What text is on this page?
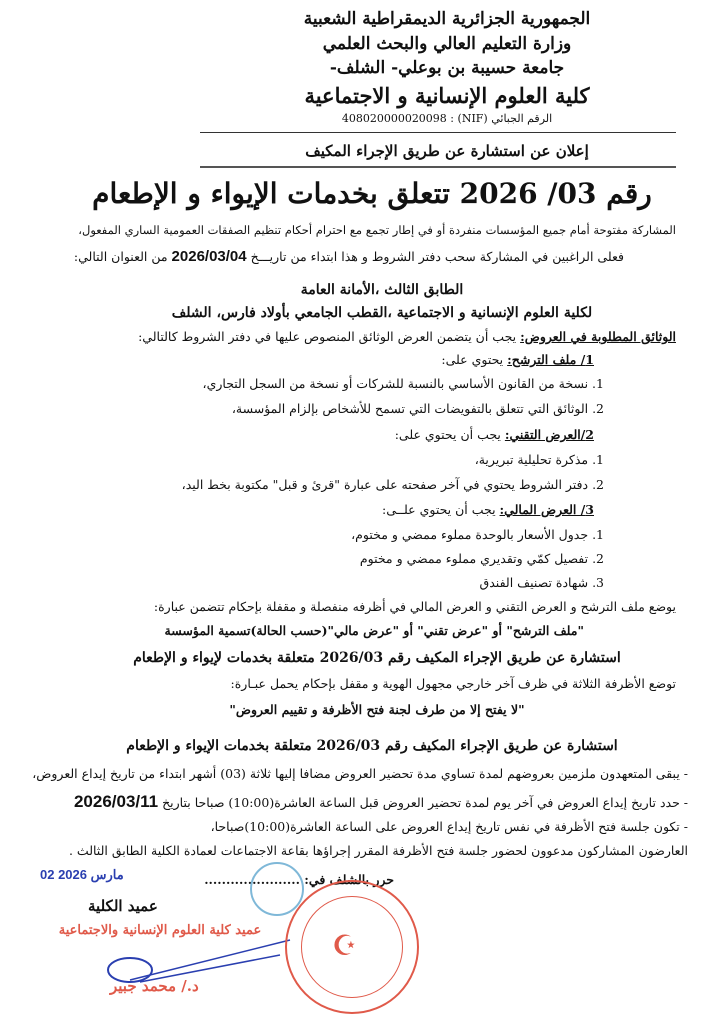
الجمهورية الجزائرية الديمقراطية الشعبية
وزارة التعليم العالي والبحث العلمي
جامعة حسيبة بن بوعلي- الشلف-
كلية العلوم الإنسانية و الاجتماعية
الرقم الجبائي (NIF) : 408020000020098
إعلان عن استشارة عن طريق الإجراء المكيف
رقم 03/ 2026 تتعلق بخدمات الإيواء و الإطعام
المشاركة مفتوحة أمام جميع المؤسسات منفردة أو في إطار تجمع مع احترام أحكام تنظيم الصفقات العمومية الساري المفعول،
فعلى الراغبين في المشاركة سحب دفتر الشروط و هذا ابتداء من تاريـــخ 2026/03/04 من العنوان التالي:
الطابق الثالث ،الأمانة العامة
لكلية العلوم الإنسانية و الاجتماعية ،القطب الجامعي بأولاد فارس، الشلف
الوثائق المطلوبة في العروض: يجب أن يتضمن العرض الوثائق المنصوص عليها في دفتر الشروط كالتالي:
1/ ملف الترشح: يحتوي على:
1. نسخة من القانون الأساسي بالنسبة للشركات أو نسخة من السجل التجاري،
2. الوثائق التي تتعلق بالتفويضات التي تسمح للأشخاص بإلزام المؤسسة،
2/العرض التقني: يجب أن يحتوي على:
1. مذكرة تحليلية تبريرية،
2. دفتر الشروط يحتوي في آخر صفحته على عبارة "قرئ و قبل" مكتوبة بخط اليد،
3/ العرض المالي: يجب أن يحتوي علــى:
1. جدول الأسعار بالوحدة مملوء ممضي و مختوم،
2. تفصيل كمّي وتقديري مملوء ممضي و مختوم
3. شهادة تصنيف الفندق
يوضع ملف الترشح و العرض التقني و العرض المالي في أظرفه منفصلة و مقفلة بإحكام تتضمن عبارة:
"ملف الترشح" أو "عرض تقني" أو "عرض مالي"(حسب الحالة)تسمية المؤسسة
استشارة عن طريق الإجراء المكيف رقم 2026/03 متعلقة بخدمات لإيواء و الإطعام
توضع الأظرفة الثلاثة في ظرف آخر خارجي مجهول الهوية و مقفل بإحكام يحمل عبـارة:
"لا يفتح إلا من طرف لجنة فتح الأظرفة و تقييم العروض"
استشارة عن طريق الإجراء المكيف رقم 2026/03 متعلقة بخدمات الإيواء و الإطعام
- يبقى المتعهدون ملزمين بعروضهم لمدة تساوي مدة تحضير العروض مضافا إليها ثلاثة (03) أشهر ابتداء من تاريخ إيداع العروض،
- حدد تاريخ إيداع العروض في آخر يوم لمدة تحضير العروض قبل الساعة العاشرة(10:00) صباحا بتاريخ 2026/03/11
- تكون جلسة فتح الأظرفة في نفس تاريخ إيداع العروض على الساعة العاشرة(10:00)صباحا،
العارضون المشاركون مدعوون لحضور جلسة فتح الأظرفة المقرر إجراؤها بقاعة الاجتماعات لعمادة الكلية الطابق الثالث .
حرر بالشلف في: ......................
02 مارس 2026
عميد الكلية
عميد كلية العلوم الإنسانية والاجتماعية
د./ محمد جبير
☪
